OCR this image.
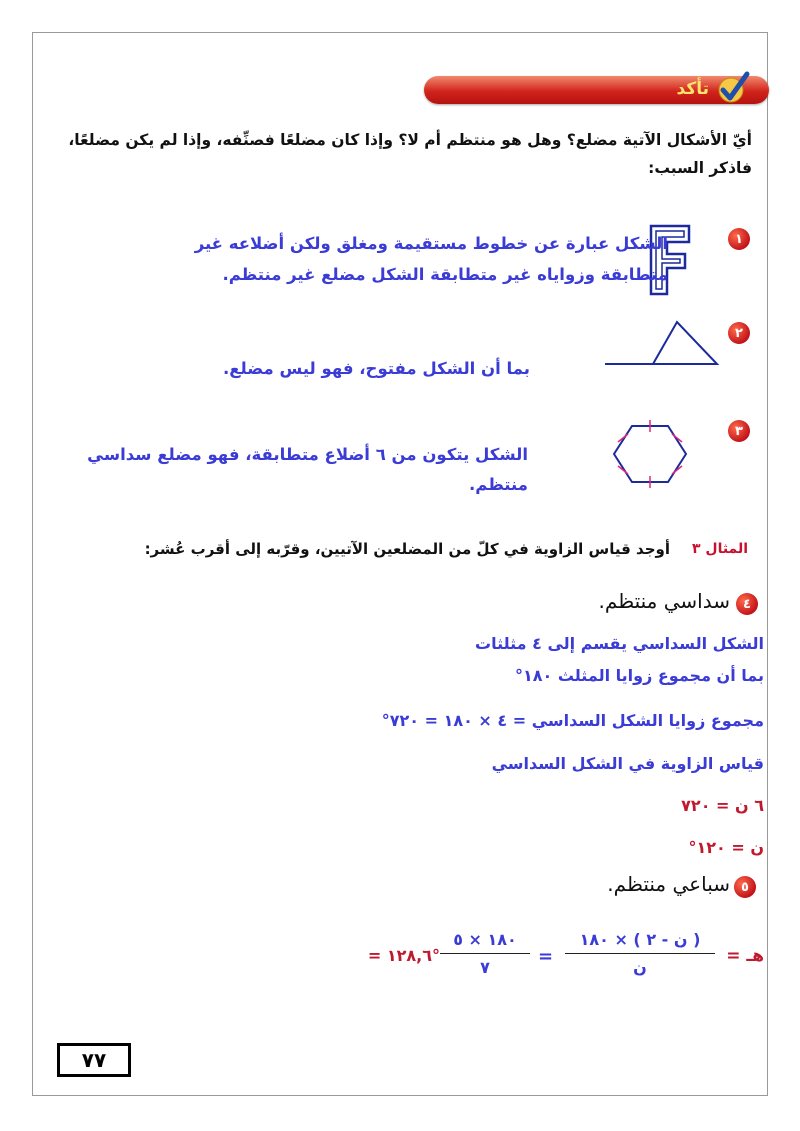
تأكد
أيّ الأشكال الآتية مضلع؟ وهل هو منتظم أم لا؟ وإذا كان مضلعًا فصنِّفه، وإذا لم يكن مضلعًا،
فاذكر السبب:
١
الشكل عبارة عن خطوط مستقيمة ومغلق ولكن أضلاعه غير
متطابقة وزواياه غير متطابقة الشكل مضلع غير منتظم.
٢
بما أن الشكل مفتوح، فهو ليس مضلع.
٣
الشكل يتكون من ٦ أضلاع متطابقة، فهو مضلع سداسي منتظم.
المثال ٣
أوجد قياس الزاوية في كلّ من المضلعين الآتيين، وقرّبه إلى أقرب عُشر:
٤
سداسي منتظم.
الشكل السداسي يقسم إلى ٤ مثلثات
بما أن مجموع زوايا المثلث ١٨٠°
مجموع زوايا الشكل السداسي = ٤ × ١٨٠ = ٧٢٠°
قياس الزاوية في الشكل السداسي
٦ ن = ٧٢٠
ن = ١٢٠°
٥
سباعي منتظم.
هـ =
( ن - ٢ ) × ١٨٠
ن
=
١٨٠ × ٥
٧
= ١٢٨,٦°
٧٧
